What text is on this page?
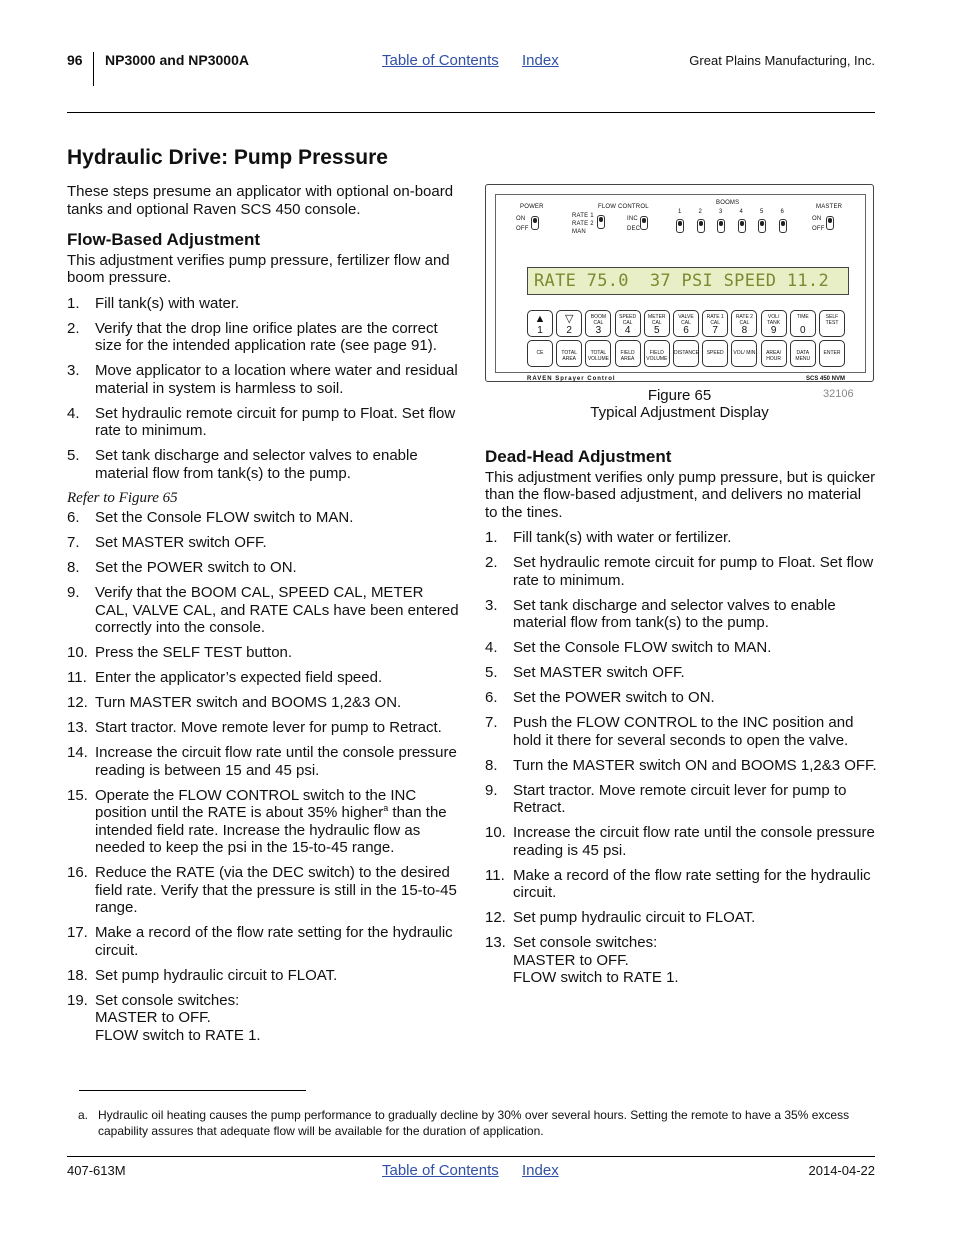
96 NP3000 and NP3000A	Table of Contents Index	Great Plains Manufacturing, Inc.
Hydraulic Drive: Pump Pressure

These steps presume an applicator with optional on-board tanks and optional Raven SCS 450 console.

Flow-Based Adjustment

This adjustment verifies pump pressure, fertilizer flow and boom pressure.

1. Fill tank(s) with water.
2. Verify that the drop line orifice plates are the correct size for the intended application rate (see page 91).
3. Move applicator to a location where water and residual material in system is harmless to soil.
4. Set hydraulic remote circuit for pump to Float. Set flow rate to minimum.
5. Set tank discharge and selector valves to enable material flow from tank(s) to the pump.
Refer to Figure 65
6. Set the Console FLOW switch to MAN.
7. Set MASTER switch OFF.
8. Set the POWER switch to ON.
9. Verify that the BOOM CAL, SPEED CAL, METER CAL, VALVE CAL, and RATE CALs have been entered correctly into the console.
10. Press the SELF TEST button.
11. Enter the applicator’s expected field speed.
12. Turn MASTER switch and BOOMS 1,2&3 ON.
13. Start tractor. Move remote lever for pump to Retract.
14. Increase the circuit flow rate until the console pressure reading is between 15 and 45 psi.
15. Operate the FLOW CONTROL switch to the INC position until the RATE is about 35% higher$^a$ than the intended field rate. Increase the hydraulic flow as needed to keep the psi in the 15-to-45 range.
16. Reduce the RATE (via the DEC switch) to the desired field rate. Verify that the pressure is still in the 15-to-45 range.
17. Make a record of the flow rate setting for the hydraulic circuit.
18. Set pump hydraulic circuit to FLOAT.
19. Set console switches:
MASTER to OFF.
FLOW switch to RATE 1.
POWER
ON
OFF
FLOW CONTROL
RATE 1
RATE 2
MAN
INC
DEC
BOOMS
1	2	3	4	5	6
MASTER
ON
OFF
RATE 75.0  37 PSI SPEED 11.2
▲
1
▽
2
BOOM CAL
3
SPEED CAL
4
METER CAL
5
VALVE CAL
6
RATE 1 CAL
7
RATE 2 CAL
8
VOL/ TANK
9
TIME
0
SELF TEST
CE	TOTAL AREA
TOTAL VOLUME
FIELD AREA
FIELD VOLUME
DISTANCE	SPEED	VOL/ MIN	AREA/ HOUR
DATA MENU
ENTER
RAVEN Sprayer Control	SCS 450 NVM
Figure 65
Typical Adjustment Display
32106
Dead-Head Adjustment

This adjustment verifies only pump pressure, but is quicker than the flow-based adjustment, and delivers no material to the tines.

1. Fill tank(s) with water or fertilizer.
2. Set hydraulic remote circuit for pump to Float. Set flow rate to minimum.
3. Set tank discharge and selector valves to enable material flow from tank(s) to the pump.
4. Set the Console FLOW switch to MAN.
5. Set MASTER switch OFF.
6. Set the POWER switch to ON.
7. Push the FLOW CONTROL to the INC position and hold it there for several seconds to open the valve.
8. Turn the MASTER switch ON and BOOMS 1,2&3 OFF.
9. Start tractor. Move remote circuit lever for pump to Retract.
10. Increase the circuit flow rate until the console pressure reading is 45 psi.
11. Make a record of the flow rate setting for the hydraulic circuit.
12. Set pump hydraulic circuit to FLOAT.
13. Set console switches:
MASTER to OFF.
FLOW switch to RATE 1.
a. Hydraulic oil heating causes the pump performance to gradually decline by 30% over several hours. Setting the remote to have a 35% excess capability assures that adequate flow will be available for the duration of application.
407-613M	Table of Contents Index	2014-04-22
